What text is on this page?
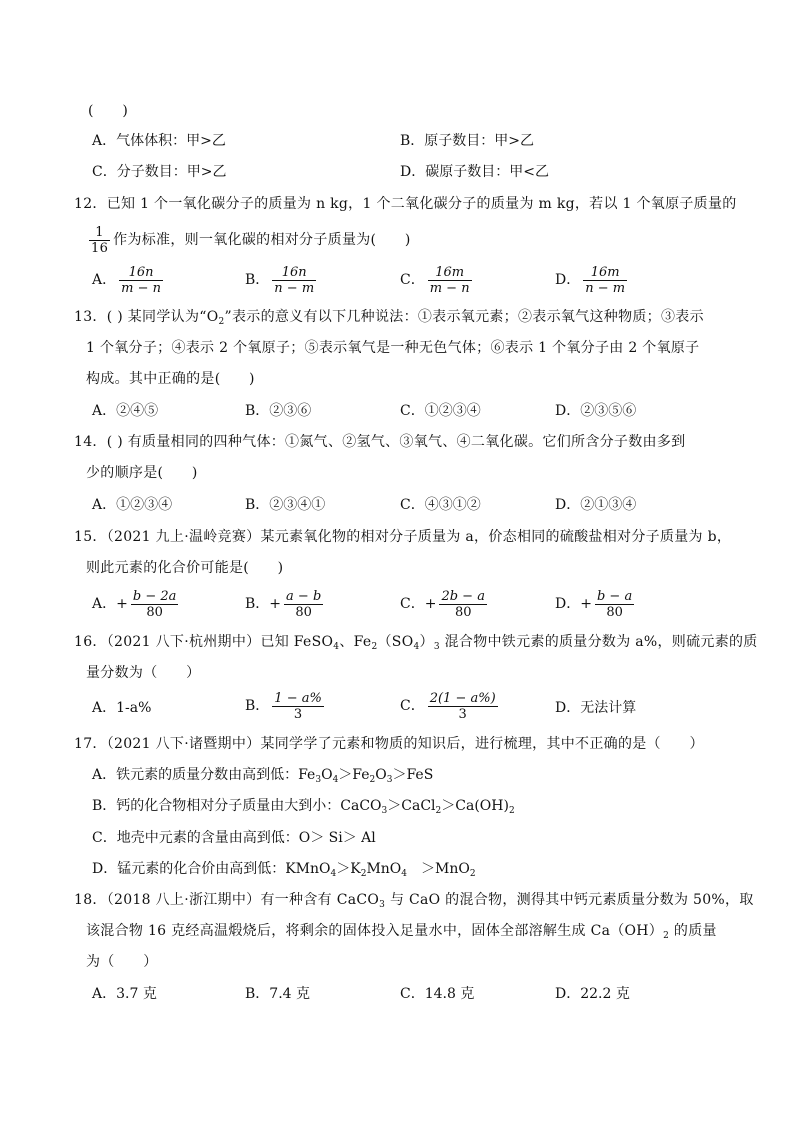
(　　)
A．气体体积：甲>乙	B．原子数目：甲>乙
C．分子数目：甲>乙	D．碳原子数目：甲<乙
12．已知 1 个一氧化碳分子的质量为 n kg，1 个二氧化碳分子的质量为 m kg，若以 1 个氧原子质量的
$\frac{1}{16}$ 作为标准，则一氧化碳的相对分子质量为(　　)
A． $\frac{16n}{m - n}$	B． $\frac{16n}{n - m}$	C． $\frac{16m}{m - n}$	D． $\frac{16m}{n - m}$
13．( ) 某同学认为“$O_2$”表示的意义有以下几种说法：①表示氧元素；②表示氧气这种物质；③表示
1 个氧分子；④表示 2 个氧原子；⑤表示氧气是一种无色气体；⑥表示 1 个氧分子由 2 个氧原子
构成。其中正确的是(　　)
A．②④⑤	B．②③⑥	C．①②③④	D．②③⑤⑥
14．( ) 有质量相同的四种气体：①氮气、②氢气、③氧气、④二氧化碳。它们所含分子数由多到
少的顺序是(　　)
A．①②③④	B．②③④①	C．④③①②	D．②①③④
15．（2021 九上·温岭竞赛）某元素氧化物的相对分子质量为 a，价态相同的硫酸盐相对分子质量为 b，
则此元素的化合价可能是(　　)
A．+ $\frac{b - 2a}{80}$	B．+ $\frac{a - b}{80}$	C．+ $\frac{2b - a}{80}$	D．+ $\frac{b - a}{80}$
16．（2021 八下·杭州期中）已知 FeSO$_4$、$Fe_2(SO_4)_3$ 混合物中铁元素的质量分数为 a%，则硫元素的质
量分数为（　　）
A．1-a%	B． $\frac{1 - a\%}{3}$	C． $\frac{2(1 - a\%)}{3}$	D．无法计算
17．（2021 八下·诸暨期中）某同学学了元素和物质的知识后，进行梳理，其中不正确的是（　　）
A．铁元素的质量分数由高到低：$Fe_3O_4>Fe_2O_3>FeS$
B．钙的化合物相对分子质量由大到小：$CaCO_3>CaCl_2>Ca(OH)_2$
C．地壳中元素的含量由高到低：O＞ Si＞ Al
D．锰元素的化合价由高到低：$KMnO_4>K_2MnO_4$　＞MnO$_2$
18．（2018 八上·浙江期中）有一种含有 CaCO$_3$ 与 CaO 的混合物，测得其中钙元素质量分数为 50%，取
该混合物 16 克经高温煅烧后，将剩余的固体投入足量水中，固体全部溶解生成 $Ca(OH)_2$ 的质量
为（　　）
A．3.7 克	B．7.4 克	C．14.8 克	D．22.2 克
